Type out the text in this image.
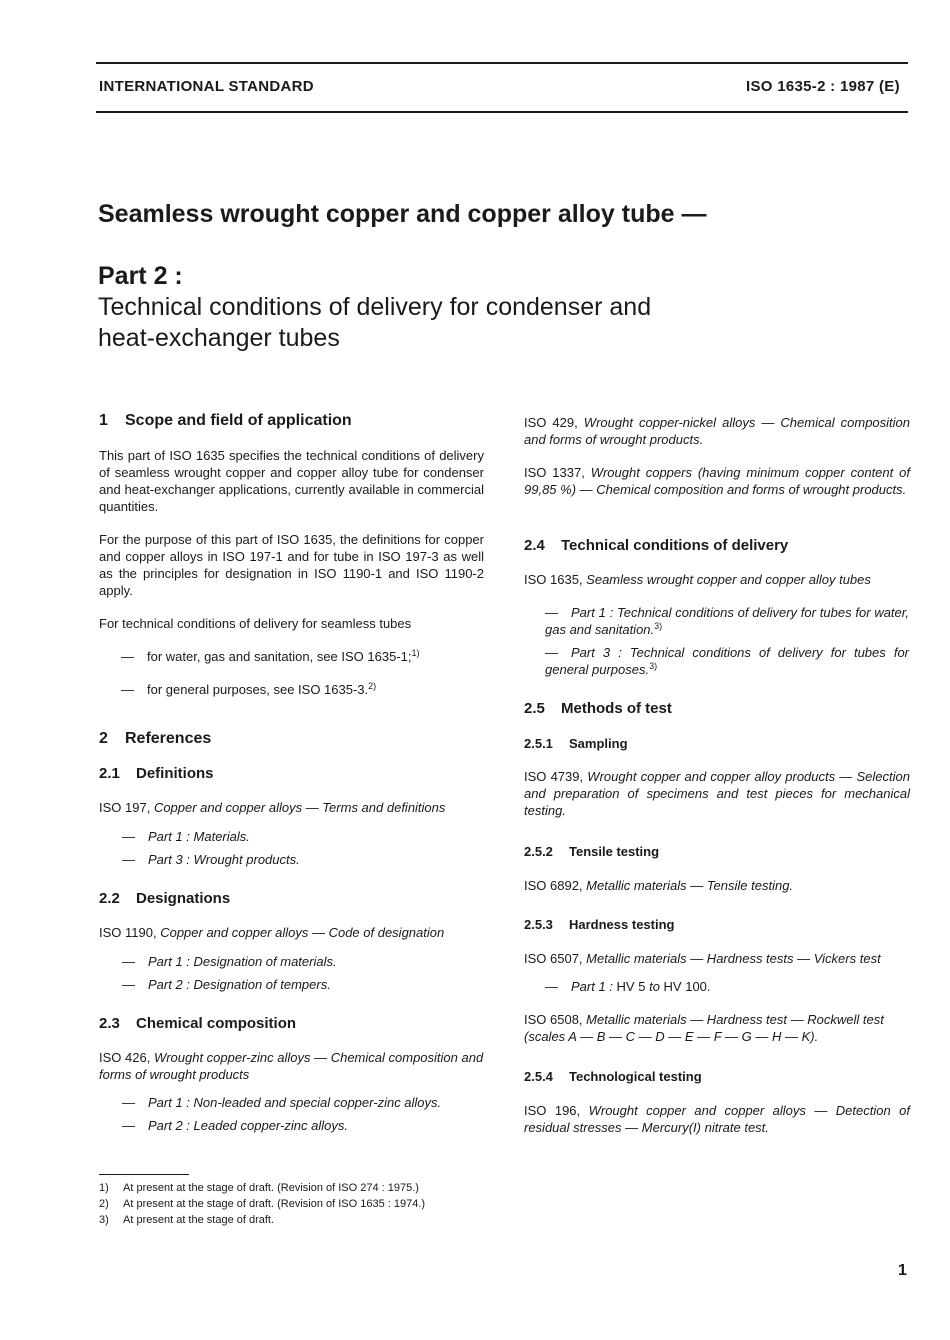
INTERNATIONAL STANDARD	ISO 1635-2 : 1987 (E)
Seamless wrought copper and copper alloy tube —
Part 2 :
Technical conditions of delivery for condenser and
heat-exchanger tubes
1 Scope and field of application
This part of ISO 1635 specifies the technical conditions of delivery of seamless wrought copper and copper alloy tube for condenser and heat-exchanger applications, currently available in commercial quantities.
For the purpose of this part of ISO 1635, the definitions for copper and copper alloys in ISO 197-1 and for tube in ISO 197-3 as well as the principles for designation in ISO 1190-1 and ISO 1190-2 apply.
For technical conditions of delivery for seamless tubes
— for water, gas and sanitation, see ISO 1635-1;$^{1)}$
— for general purposes, see ISO 1635-3.$^{2)}$
2 References
2.1 Definitions
ISO 197, Copper and copper alloys — Terms and definitions
— Part 1 : Materials.
— Part 3 : Wrought products.
2.2 Designations
ISO 1190, Copper and copper alloys — Code of designation
— Part 1 : Designation of materials.
— Part 2 : Designation of tempers.
2.3 Chemical composition
ISO 426, Wrought copper-zinc alloys — Chemical composition and forms of wrought products
— Part 1 : Non-leaded and special copper-zinc alloys.
— Part 2 : Leaded copper-zinc alloys.
1) At present at the stage of draft. (Revision of ISO 274 : 1975.)
2) At present at the stage of draft. (Revision of ISO 1635 : 1974.)
3) At present at the stage of draft.
ISO 429, Wrought copper-nickel alloys — Chemical composition and forms of wrought products.
ISO 1337, Wrought coppers (having minimum copper content of 99,85 %) — Chemical composition and forms of wrought products.
2.4 Technical conditions of delivery
ISO 1635, Seamless wrought copper and copper alloy tubes
— Part 1 : Technical conditions of delivery for tubes for water, gas and sanitation.$^{3)}$
— Part 3 : Technical conditions of delivery for tubes for general purposes.$^{3)}$
2.5 Methods of test
2.5.1 Sampling
ISO 4739, Wrought copper and copper alloy products — Selection and preparation of specimens and test pieces for mechanical testing.
2.5.2 Tensile testing
ISO 6892, Metallic materials — Tensile testing.
2.5.3 Hardness testing
ISO 6507, Metallic materials — Hardness tests — Vickers test
— Part 1 : HV 5 to HV 100.
ISO 6508, Metallic materials — Hardness test — Rockwell test (scales A — B — C — D — E — F — G — H — K).
2.5.4 Technological testing
ISO 196, Wrought copper and copper alloys — Detection of residual stresses — Mercury(I) nitrate test.
1
